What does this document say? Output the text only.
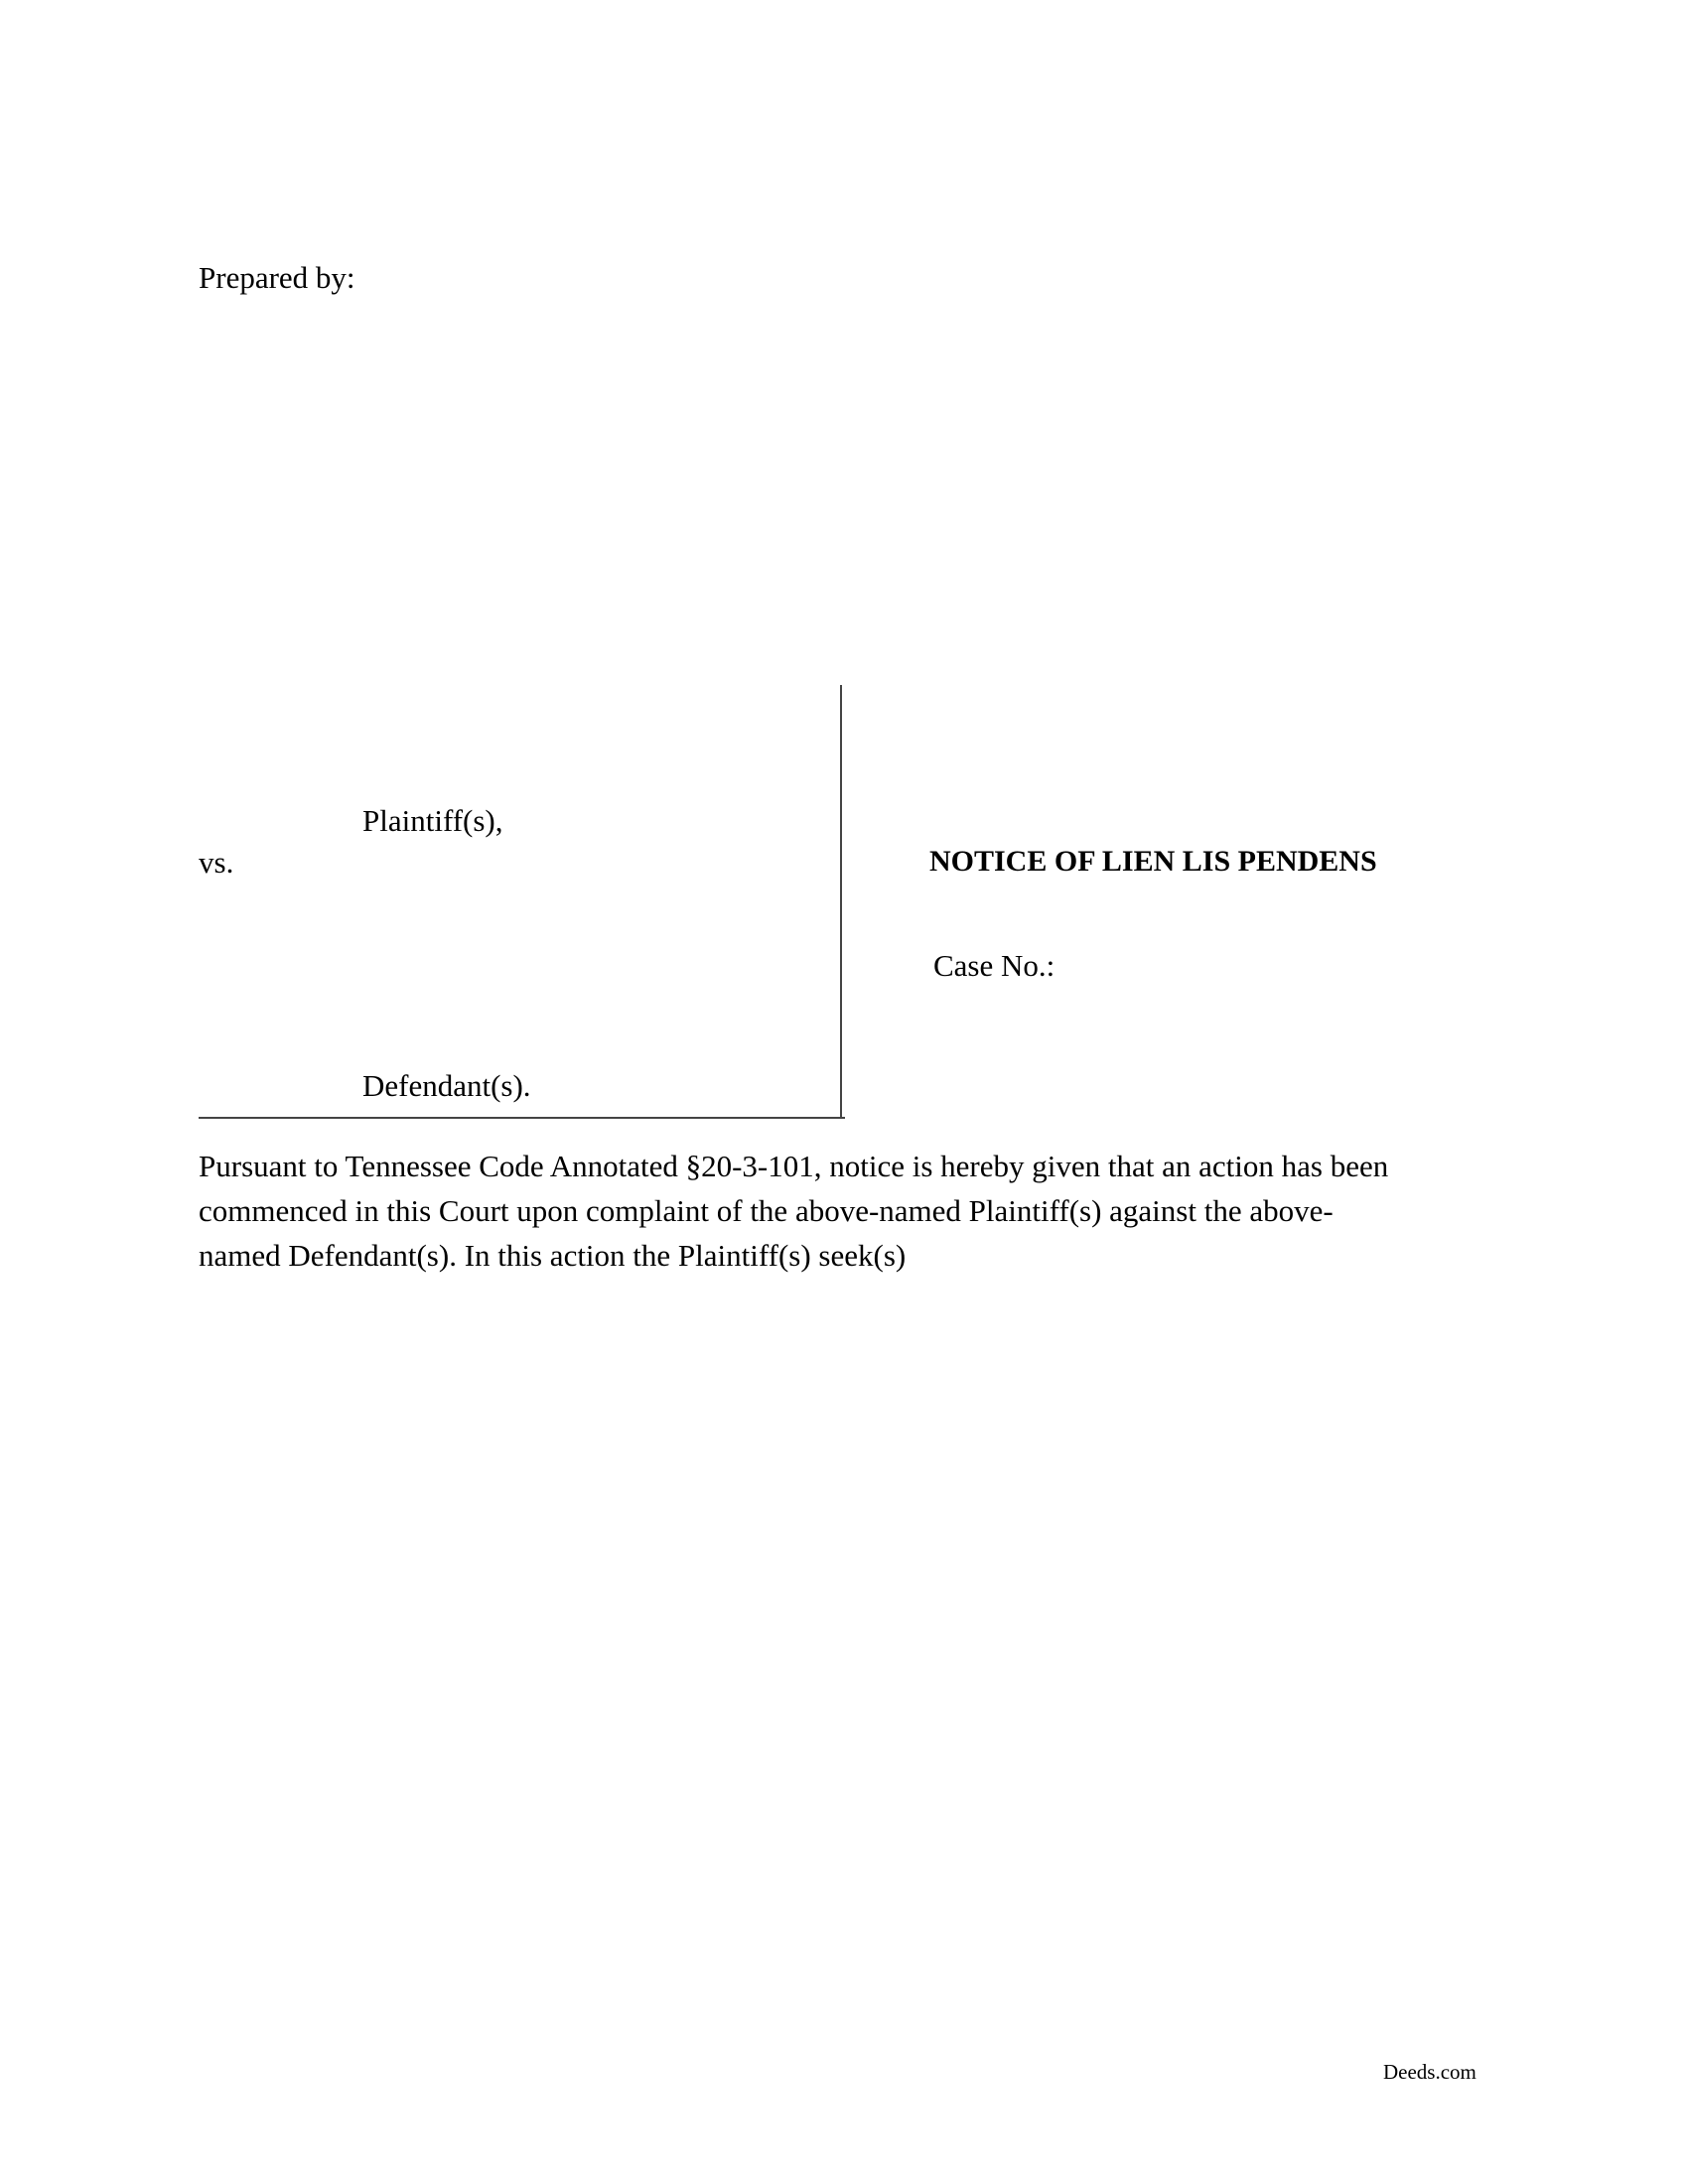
Prepared by:
Plaintiff(s),
vs.
Defendant(s).
NOTICE OF LIEN LIS PENDENS
Case No.:
Pursuant to Tennessee Code Annotated §20-3-101, notice is hereby given that an action has been
commenced in this Court upon complaint of the above-named Plaintiff(s) against the above-
named Defendant(s). In this action the Plaintiff(s) seek(s)
Deeds.com
